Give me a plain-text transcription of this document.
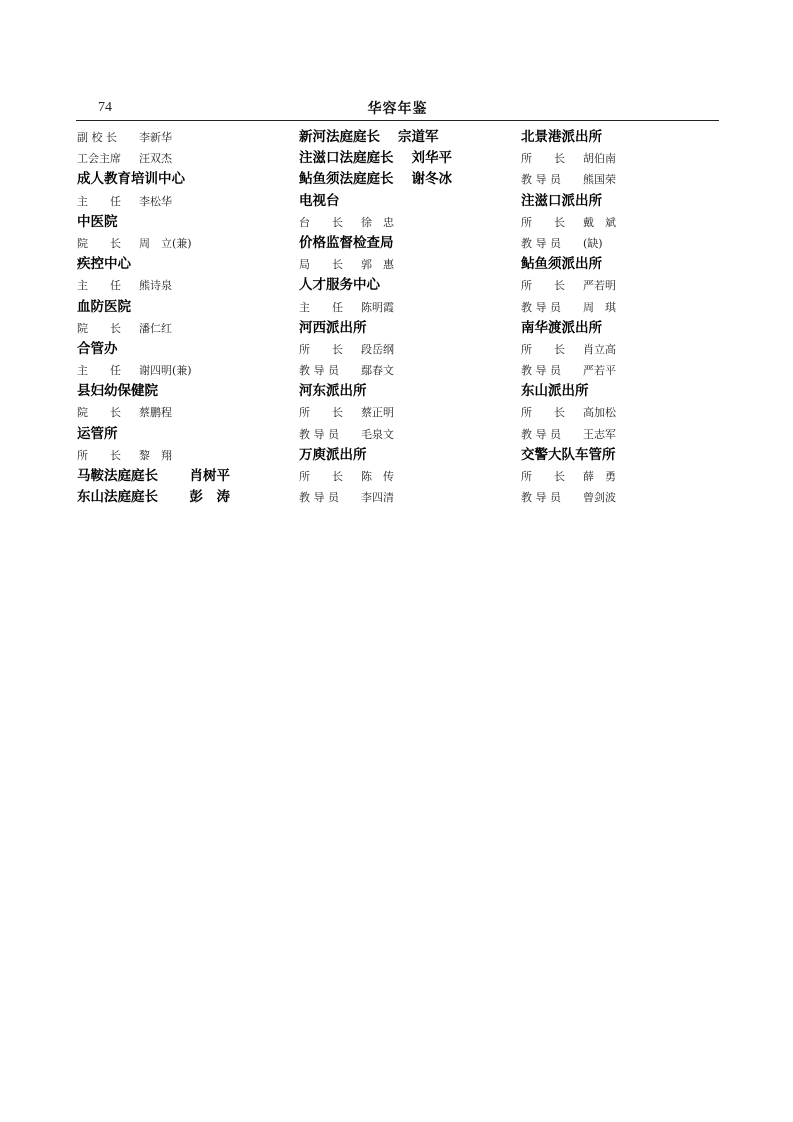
74	华容年鉴
副 校 长 李新华
工会主席 汪双杰
成人教育培训中心
主　　任 李松华
中医院
院　　长 周　立(兼)
疾控中心
主　　任 熊诗泉
血防医院
院　　长 潘仁红
合管办
主　　任 谢四明(兼)
县妇幼保健院
院　　长 蔡鹏程
运管所
所　　长 黎　翔
马鞍法庭庭长　肖树平
东山法庭庭长　彭　涛
新河法庭庭长 宗道军
注滋口法庭庭长 刘华平
鲇鱼须法庭庭长 谢冬冰
电视台
台　　长 徐　忠
价格监督检查局
局　　长 郭　惠
人才服务中心
主　　任 陈明霞
河西派出所
所　　长 段岳纲
教 导 员 鄢春文
河东派出所
所　　长 蔡正明
教 导 员 毛泉文
万庾派出所
所　　长 陈　传
教 导 员 李四清
北景港派出所
所　　长 胡伯南
教 导 员 熊国荣
注滋口派出所
所　　长 戴　斌
教 导 员 (缺)
鲇鱼须派出所
所　　长 严若明
教 导 员 周　琪
南华渡派出所
所　　长 肖立高
教 导 员 严若平
东山派出所
所　　长 高加松
教 导 员 王志军
交警大队车管所
所　　长 薛　勇
教 导 员 曾剑波
